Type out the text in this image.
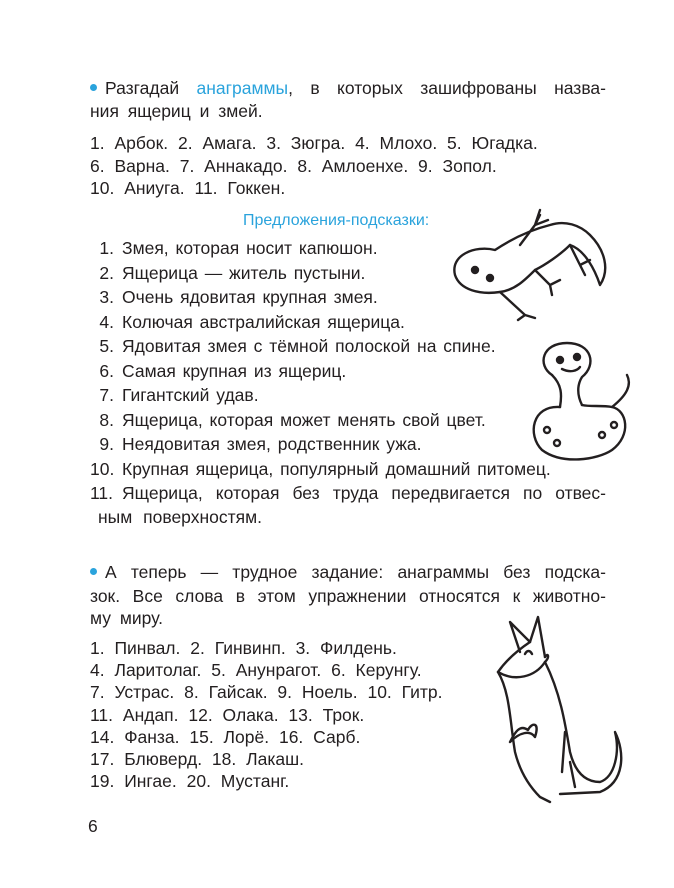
Разгадай анаграммы, в которых зашифрованы назва-
ния ящериц и змей.
1. Арбок. 2. Амага. 3. Зюгра. 4. Млохо. 5. Югадка.
6. Варна. 7. Аннакадо. 8. Амлоенхе. 9. Зопол.
10. Аниуга. 11. Гоккен.
Предложения-подсказки:
1. Змея, которая носит капюшон.
2. Ящерица — житель пустыни.
3. Очень ядовитая крупная змея.
4. Колючая австралийская ящерица.
5. Ядовитая змея с тёмной полоской на спине.
6. Самая крупная из ящериц.
7. Гигантский удав.
8. Ящерица, которая может менять свой цвет.
9. Неядовитая змея, родственник ужа.
10. Крупная ящерица, популярный домашний питомец.
11. Ящерица, которая без труда передвигается по отвес-
ным поверхностям.
А теперь — трудное задание: анаграммы без подска-
зок. Все слова в этом упражнении относятся к животно-
му миру.
1. Пинвал. 2. Гинвинп. 3. Филдень.
4. Ларитолаг. 5. Анунрагот. 6. Керунгу.
7. Устрас. 8. Гайсак. 9. Ноель. 10. Гитр.
11. Андап. 12. Олака. 13. Трок.
14. Фанза. 15. Лорё. 16. Сарб.
17. Блюверд. 18. Лакаш.
19. Ингае. 20. Мустанг.
6
